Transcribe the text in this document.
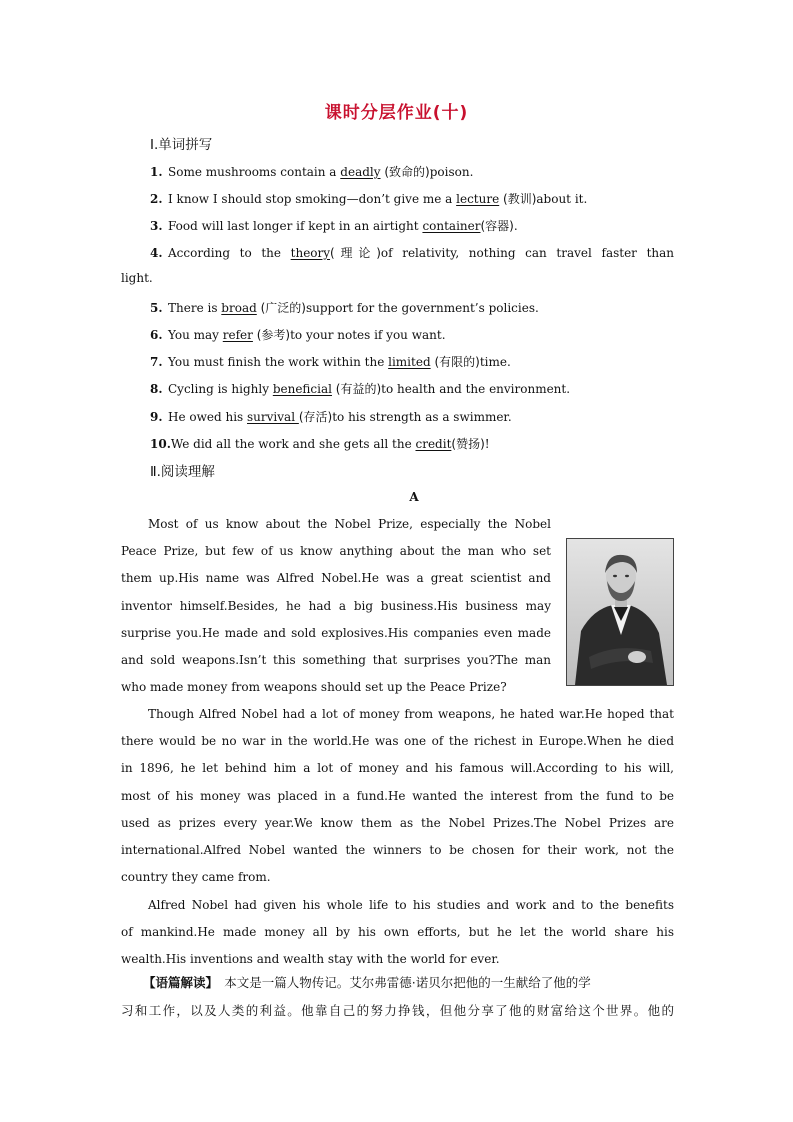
课时分层作业(十)
Ⅰ.单词拼写
1. Some mushrooms contain a deadly (致命的)poison.
2. I know I should stop smoking—don’t give me a lecture (教训)about it.
3. Food will last longer if kept in an airtight container(容器).
4. According to the theory(理论)of relativity, nothing can travel faster than
light.
5. There is broad (广泛的)support for the government’s policies.
6. You may refer (参考)to your notes if you want.
7. You must finish the work within the limited (有限的)time.
8. Cycling is highly beneficial (有益的)to health and the environment.
9. He owed his survival (存活)to his strength as a swimmer.
10.We did all the work and she gets all the credit(赞扬)!
Ⅱ.阅读理解
A
Most of us know about the Nobel Prize, especially the Nobel
Peace Prize, but few of us know anything about the man who set
them up.His name was Alfred Nobel.He was a great scientist and
inventor himself.Besides, he had a big business.His business may
surprise you.He made and sold explosives.His companies even made
and sold weapons.Isn’t this something that surprises you?The man
who made money from weapons should set up the Peace Prize?
Though Alfred Nobel had a lot of money from weapons, he hated war.He hoped that
there would be no war in the world.He was one of the richest in Europe.When he died
in 1896, he let behind him a lot of money and his famous will.According to his will,
most of his money was placed in a fund.He wanted the interest from the fund to be
used as prizes every year.We know them as the Nobel Prizes.The Nobel Prizes are
international.Alfred Nobel wanted the winners to be chosen for their work, not the
country they came from.
Alfred Nobel had given his whole life to his studies and work and to the benefits
of mankind.He made money all by his own efforts, but he let the world share his
wealth.His inventions and wealth stay with the world for ever.
【语篇解读】　本文是一篇人物传记。艾尔弗雷德·诺贝尔把他的一生献给了他的学
习和工作，以及人类的利益。他靠自己的努力挣钱，但他分享了他的财富给这个世界。他的
